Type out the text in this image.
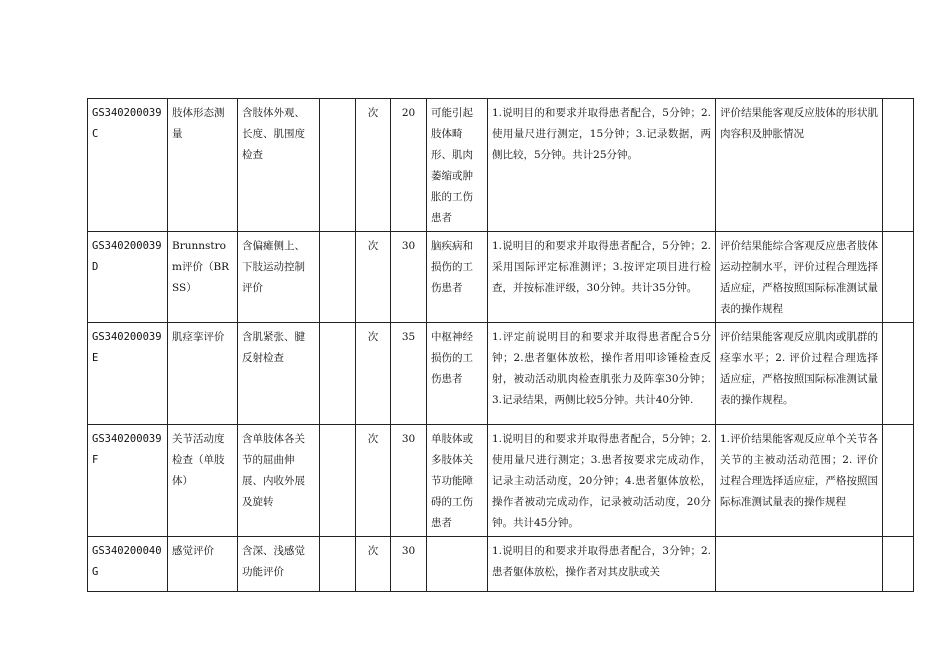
GS340200039C	肢体形态测量	含肢体外观、长度、肌围度检查		次	20	可能引起肢体畸形、肌肉萎缩或肿胀的工伤患者	1.说明目的和要求并取得患者配合，5分钟；2.使用量尺进行测定，15分钟；3.记录数据，两侧比较，5分钟。共计25分钟。	评价结果能客观反应肢体的形状肌肉容积及肿胀情况	
GS340200039D	Brunnstrom评价（BRSS）	含偏瘫侧上、下肢运动控制评价		次	30	脑疾病和损伤的工伤患者	1.说明目的和要求并取得患者配合，5分钟；2.采用国际评定标准测评；3.按评定项目进行检查，并按标准评级，30分钟。共计35分钟。	评价结果能综合客观反应患者肢体运动控制水平，评价过程合理选择适应症，严格按照国际标准测试量表的操作规程	
GS340200039E	肌痉挛评价	含肌紧张、腱反射检查		次	35	中枢神经损伤的工伤患者	1.评定前说明目的和要求并取得患者配合5分钟；2.患者躯体放松，操作者用叩诊锤检查反射，被动活动肌肉检查肌张力及阵挛30分钟；3.记录结果，两侧比较5分钟。共计40分钟.	评价结果能客观反应肌肉或肌群的痉挛水平；2. 评价过程合理选择适应症，严格按照国际标准测试量表的操作规程。	
GS340200039F	关节活动度检查（单肢体）	含单肢体各关节的屈曲伸展、内收外展及旋转		次	30	单肢体或多肢体关节功能障碍的工伤患者	1.说明目的和要求并取得患者配合，5分钟；2.使用量尺进行测定；3.患者按要求完成动作，记录主动活动度，20分钟；4.患者躯体放松，操作者被动完成动作，记录被动活动度，20分钟。共计45分钟。	1.评价结果能客观反应单个关节各关节的主被动活动范围；2. 评价过程合理选择适应症，严格按照国际标准测试量表的操作规程	
GS340200040G	感觉评价	含深、浅感觉功能评价		次	30		1.说明目的和要求并取得患者配合，3分钟；2.患者躯体放松，操作者对其皮肤或关		
